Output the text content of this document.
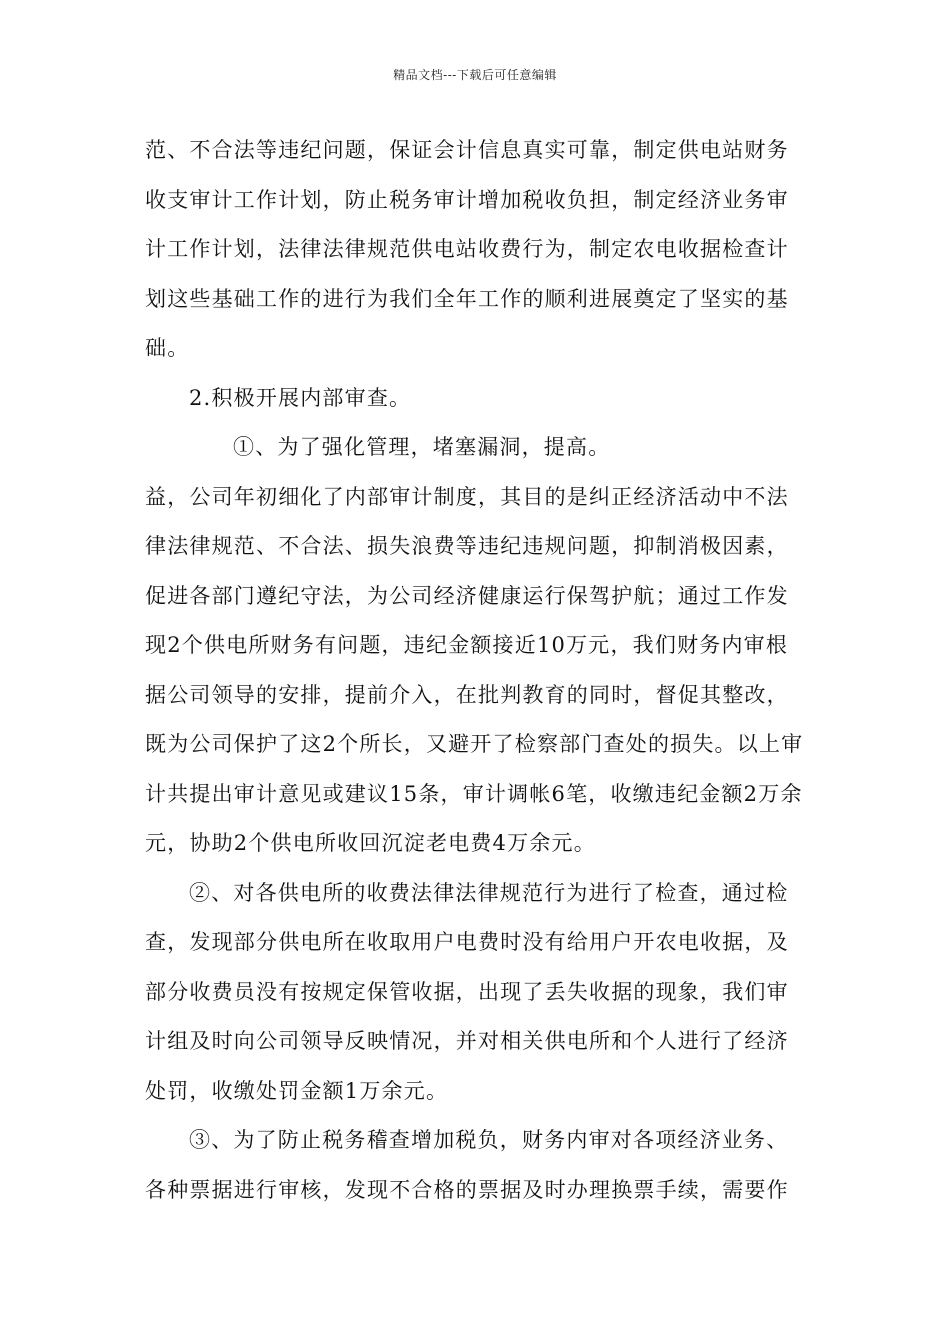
精品文档---下载后可任意编辑

范、不合法等违纪问题，保证会计信息真实可靠，制定供电站财务收支审计工作计划，防止税务审计增加税收负担，制定经济业务审计工作计划，法律法律规范供电站收费行为，制定农电收据检查计划这些基础工作的进行为我们全年工作的顺利进展奠定了坚实的基础。

2.积极开展内部审查。

①、为了强化管理，堵塞漏洞，提高。

益，公司年初细化了内部审计制度，其目的是纠正经济活动中不法律法律规范、不合法、损失浪费等违纪违规问题，抑制消极因素，促进各部门遵纪守法，为公司经济健康运行保驾护航；通过工作发现2个供电所财务有问题，违纪金额接近10万元，我们财务内审根据公司领导的安排，提前介入，在批判教育的同时，督促其整改，既为公司保护了这2个所长，又避开了检察部门查处的损失。以上审计共提出审计意见或建议15条，审计调帐6笔，收缴违纪金额2万余元，协助2个供电所收回沉淀老电费4万余元。

②、对各供电所的收费法律法律规范行为进行了检查，通过检查，发现部分供电所在收取用户电费时没有给用户开农电收据，及部分收费员没有按规定保管收据，出现了丢失收据的现象，我们审计组及时向公司领导反映情况，并对相关供电所和个人进行了经济处罚，收缴处罚金额1万余元。

③、为了防止税务稽查增加税负，财务内审对各项经济业务、各种票据进行审核，发现不合格的票据及时办理换票手续，需要作
